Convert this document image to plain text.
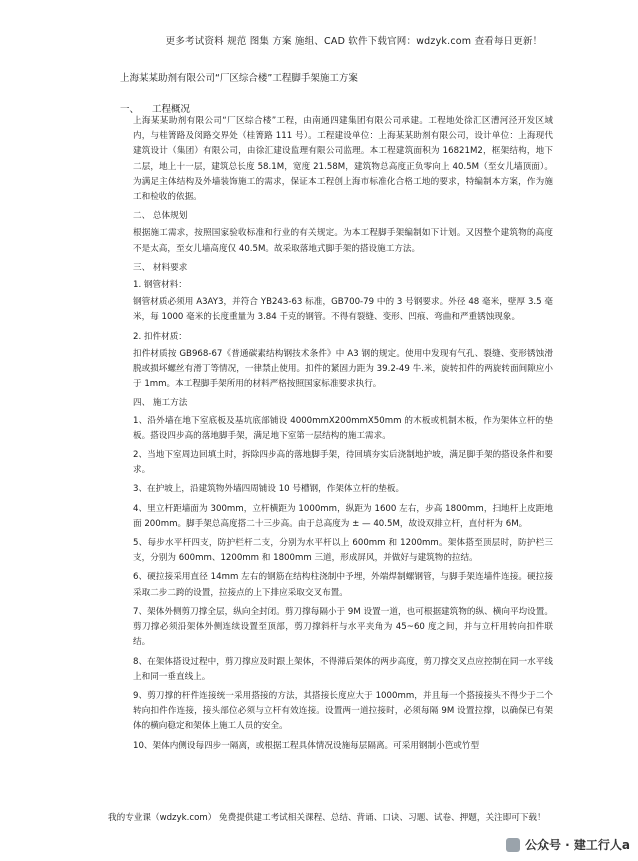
更多考试资料 规范 图集 方案 施组、CAD 软件下载官网：wdzyk.com 查看每日更新！
上海某某助剂有限公司“厂区综合楼”工程脚手架施工方案
一、 工程概况

上海某某助剂有限公司“厂区综合楼”工程，由南通四建集团有限公司承建。工程地处徐汇区漕河泾开发区域内，与桂箐路及闵路交界处（桂箐路 111 号）。工程建设单位：上海某某助剂有限公司，设计单位：上海现代建筑设计（集团）有限公司，由徐汇建设监理有限公司监理。本工程建筑面积为 16821M2，框架结构，地下二层，地上十一层，建筑总长度 58.1M，宽度 21.58M，建筑物总高度正负零向上 40.5M（至女儿墙顶面）。为满足主体结构及外墙装饰施工的需求，保证本工程创上海市标准化合格工地的要求，特编制本方案，作为施工和检收的依据。

二、 总体规划

根据施工需求，按照国家验收标准和行业的有关规定。为本工程脚手架编制如下计划。又因整个建筑物的高度不是太高，至女儿墙高度仅 40.5M。故采取落地式脚手架的搭设施工方法。

三、 材料要求

1. 钢管材料：

钢管材质必须用 A3AY3，并符合 YB243-63 标准，GB700-79 中的 3 号钢要求。外径 48 毫米，壁厚 3.5 毫米，每 1000 毫米的长度重量为 3.84 千克的钢管。不得有裂缝、变形、凹痕、弯曲和严重锈蚀现象。

2. 扣件材质：

扣件材质按 GB968-67《普通碳素结构钢技术条件》中 A3 钢的规定。使用中发现有气孔、裂缝、变形锈蚀滑脱或损坏螺丝有滑丁等情况，一律禁止使用。扣件的紧固力距为 39.2-49 牛.米，旋转扣件的两旋转面间隙应小于 1mm。本工程脚手架所用的材料严格按照国家标准要求执行。

四、 施工方法

1、沿外墙在地下室底板及基坑底部铺设 4000mmX200mmX50mm 的木板或机制木板，作为架体立杆的垫板。搭设四步高的落地脚手架，满足地下室第一层结构的施工需求。

2、当地下室周边回填土时，拆除四步高的落地脚手架，待回填夯实后浇制地护坡，满足脚手架的搭设条件和要求。

3、在护坡上，沿建筑物外墙四周铺设 10 号槽钢，作架体立杆的垫板。

4、里立杆距墙面为 300mm，立杆横距为 1000mm，纵距为 1600 左右，步高 1800mm，扫地杆上皮距地面 200mm。脚手架总高度搭二十三步高。由于总高度为 ± — 40.5M，故设双排立杆，直付杆为 6M。

5、每步水平杆四支，防护栏杆二支，分别为水平杆以上 600mm 和 1200mm。架体搭至顶层时，防护栏三支，分别为 600mm、1200mm 和 1800mm 三道，形成屏风，并做好与建筑物的拉结。

6、硬拉接采用直径 14mm 左右的钢筋在结构柱浇制中予埋，外端焊制螺钢管，与脚手架连墙件连接。硬拉接采取二步二跨的设置，拉接点的上下排应采取交叉布置。

7、架体外侧剪刀撑全层，纵向全封闭。剪刀撑每隔小于 9M 设置一道，也可根据建筑物的纵、横向平均设置。剪刀撑必须沿架体外侧连续设置至顶部，剪刀撑斜杆与水平夹角为 45~60 度之间，并与立杆用转向扣件联结。

8、在架体搭设过程中，剪刀撑应及时跟上架体，不得滞后架体的两步高度，剪刀撑交叉点应控制在同一水平线上和同一垂直线上。

9、剪刀撑的杆件连接统一采用搭接的方法，其搭接长度应大于 1000mm，并且每一个搭接接头不得少于二个转向扣件作连接，接头部位必须与立杆有效连接。设置两一道拉接时，必须每隔 9M 设置拉撑，以确保已有架体的横向稳定和架体上施工人员的安全。

10、架体内侧设每四步一隔离，或根据工程具体情况设施每层隔离。可采用钢制小笆或竹型

我的专业课（wdzyk.com） 免费提供建工考试相关课程、总结、背诵、口诀、习题、试卷、押题，关注即可下载！
公众号 · 建工行人a
